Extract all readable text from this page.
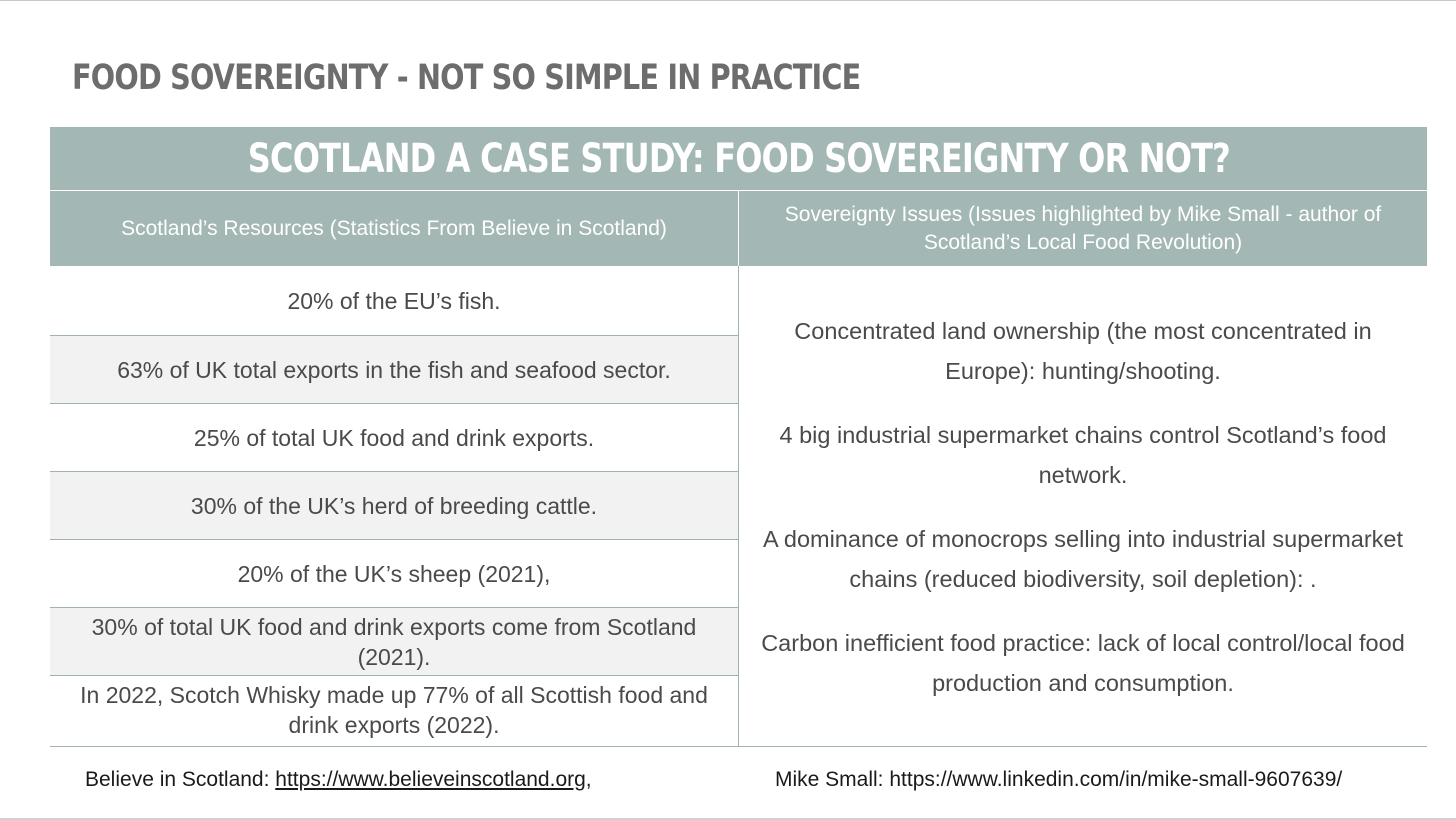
FOOD SOVEREIGNTY - NOT SO SIMPLE IN PRACTICE
SCOTLAND A CASE STUDY: FOOD SOVEREIGNTY OR NOT?
Scotland’s Resources (Statistics From Believe in Scotland)
Sovereignty Issues (Issues highlighted by Mike Small - author of Scotland’s Local Food Revolution)
20% of the EU’s fish.
63% of UK total exports in the fish and seafood sector.
25% of total UK food and drink exports.
30% of the UK’s herd of breeding cattle.
20% of the UK’s sheep (2021),
30% of total UK food and drink exports come from Scotland (2021).
In 2022, Scotch Whisky made up 77% of all Scottish food and drink exports (2022).
Concentrated land ownership (the most concentrated in Europe): hunting/shooting.
4 big industrial supermarket chains control Scotland’s food network.
A dominance of monocrops selling into industrial supermarket chains (reduced biodiversity, soil depletion): .
Carbon inefficient food practice: lack of local control/local food production and consumption.
Believe in Scotland: https://www.believeinscotland.org,	Mike Small: https://www.linkedin.com/in/mike-small-9607639/
